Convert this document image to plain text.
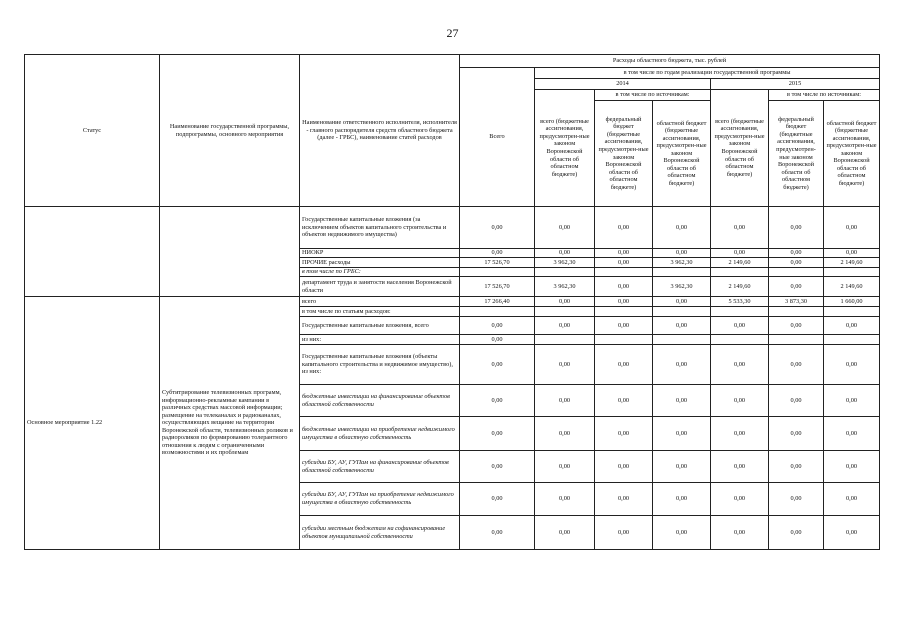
27
Статус	Наименование государственной программы, подпрограммы, основного мероприятия	Наименование ответственного исполнителя, исполнителя - главного распорядителя средств областного бюджета (далее - ГРБС), наименование статей расходов	Расходы областного бюджета, тыс. рублей						
			Всего	в том числе по годам реализации государственной программы					
				2014			2015		
				всего (бюджетные ассигнования, предусмотрен-ные законом Воронежской области об областном бюджете)	в том числе по источникам:		всего (бюджетные ассигнования, предусмотрен-ные законом Воронежской области об областном бюджете)	в том числе по источникам:	
					федеральный бюджет (бюджетные ассигнования, предусмотрен-ные законом Воронежской области об областном бюджете)	областной бюджет (бюджетные ассигнования, предусмотрен-ные законом Воронежской области об областном бюджете)		федеральный бюджет (бюджетные ассигнования, предусмотрен-ные законом Воронежской области об областном бюджете)	областной бюджет (бюджетные ассигнования, предусмотрен-ные законом Воронежской области об областном бюджете)
		Государственные капитальные вложения (за исключением объектов капитального строительства и объектов недвижимого имущества)	0,00	0,00	0,00	0,00	0,00	0,00	0,00
		НИОКР	0,00	0,00	0,00	0,00	0,00	0,00	0,00
		ПРОЧИЕ расходы	17 526,70	3 962,30	0,00	3 962,30	2 149,60	0,00	2 149,60
		в том числе по ГРБС:							
		департамент труда и занятости населения Воронежской области	17 526,70	3 962,30	0,00	3 962,30	2 149,60	0,00	2 149,60
Основное мероприятие 1.22	Субтитрирование телевизионных программ, информационно-рекламные кампании в различных средствах массовой информации; размещение на телеканалах и радиоканалах, осуществляющих вещание на территории Воронежской области, телевизионных роликов и радиороликов по формированию толерантного отношения к людям с ограниченными возможностями и их проблемам	всего	17 266,40	0,00	0,00	0,00	5 533,30	3 873,30	1 660,00
		в том числе по статьям расходов:							
		Государственные капитальные вложения, всего	0,00	0,00	0,00	0,00	0,00	0,00	0,00
		из них:	0,00						
		Государственные капитальные вложения (объекты капитального строительства и недвижимое имущество), из них:	0,00	0,00	0,00	0,00	0,00	0,00	0,00
		бюджетные инвестиции на финансирование объектов областной собственности	0,00	0,00	0,00	0,00	0,00	0,00	0,00
		бюджетные инвестиции на приобретение недвижимого имущества в областную собственность	0,00	0,00	0,00	0,00	0,00	0,00	0,00
		субсидии БУ, АУ, ГУПам на финансирование объектов областной собственности	0,00	0,00	0,00	0,00	0,00	0,00	0,00
		субсидии БУ, АУ, ГУПам на приобретение недвижимого имущества в областную собственность	0,00	0,00	0,00	0,00	0,00	0,00	0,00
		субсидии местным бюджетам на софинансирование объектов муниципальной собственности	0,00	0,00	0,00	0,00	0,00	0,00	0,00
